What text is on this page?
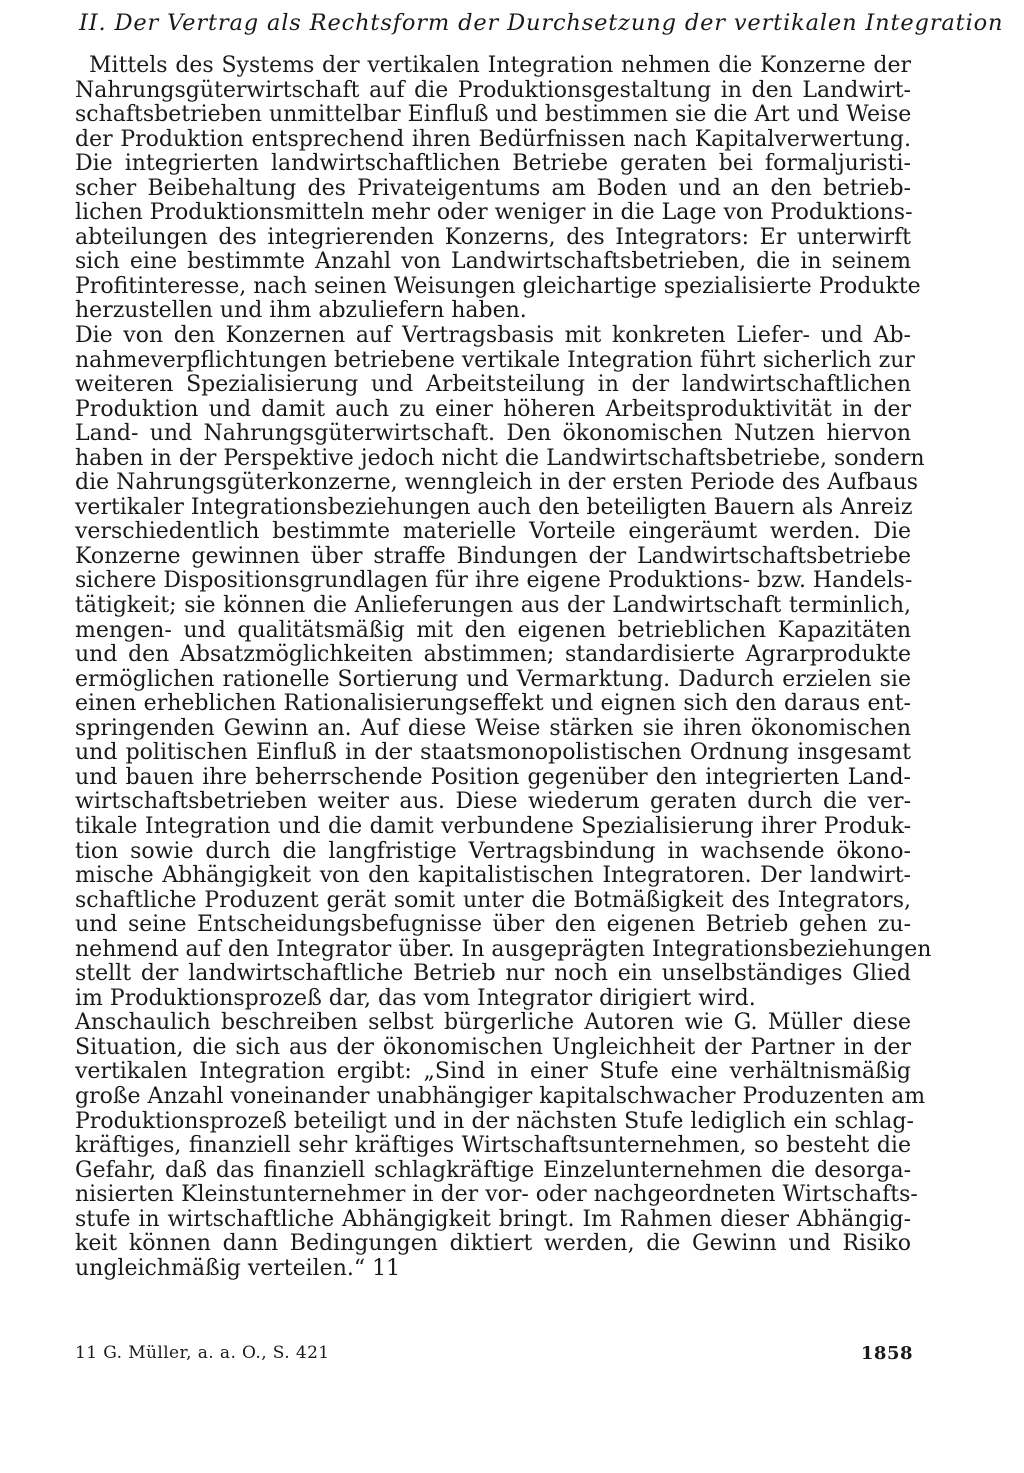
II. Der Vertrag als Rechtsform der Durchsetzung der vertikalen Integration
Mittels des Systems der vertikalen Integration nehmen die Konzerne der
Nahrungsgüterwirtschaft auf die Produktionsgestaltung in den Landwirt-
schaftsbetrieben unmittelbar Einfluß und bestimmen sie die Art und Weise
der Produktion entsprechend ihren Bedürfnissen nach Kapitalverwertung.
Die integrierten landwirtschaftlichen Betriebe geraten bei formaljuristi-
scher Beibehaltung des Privateigentums am Boden und an den betrieb-
lichen Produktionsmitteln mehr oder weniger in die Lage von Produktions-
abteilungen des integrierenden Konzerns, des Integrators: Er unterwirft
sich eine bestimmte Anzahl von Landwirtschaftsbetrieben, die in seinem
Profitinteresse, nach seinen Weisungen gleichartige spezialisierte Produkte
herzustellen und ihm abzuliefern haben.
Die von den Konzernen auf Vertragsbasis mit konkreten Liefer- und Ab-
nahmeverpflichtungen betriebene vertikale Integration führt sicherlich zur
weiteren Spezialisierung und Arbeitsteilung in der landwirtschaftlichen
Produktion und damit auch zu einer höheren Arbeitsproduktivität in der
Land- und Nahrungsgüterwirtschaft. Den ökonomischen Nutzen hiervon
haben in der Perspektive jedoch nicht die Landwirtschaftsbetriebe, sondern
die Nahrungsgüterkonzerne, wenngleich in der ersten Periode des Aufbaus
vertikaler Integrationsbeziehungen auch den beteiligten Bauern als Anreiz
verschiedentlich bestimmte materielle Vorteile eingeräumt werden. Die
Konzerne gewinnen über straffe Bindungen der Landwirtschaftsbetriebe
sichere Dispositionsgrundlagen für ihre eigene Produktions- bzw. Handels-
tätigkeit; sie können die Anlieferungen aus der Landwirtschaft terminlich,
mengen- und qualitätsmäßig mit den eigenen betrieblichen Kapazitäten
und den Absatzmöglichkeiten abstimmen; standardisierte Agrarprodukte
ermöglichen rationelle Sortierung und Vermarktung. Dadurch erzielen sie
einen erheblichen Rationalisierungseffekt und eignen sich den daraus ent-
springenden Gewinn an. Auf diese Weise stärken sie ihren ökonomischen
und politischen Einfluß in der staatsmonopolistischen Ordnung insgesamt
und bauen ihre beherrschende Position gegenüber den integrierten Land-
wirtschaftsbetrieben weiter aus. Diese wiederum geraten durch die ver-
tikale Integration und die damit verbundene Spezialisierung ihrer Produk-
tion sowie durch die langfristige Vertragsbindung in wachsende ökono-
mische Abhängigkeit von den kapitalistischen Integratoren. Der landwirt-
schaftliche Produzent gerät somit unter die Botmäßigkeit des Integrators,
und seine Entscheidungsbefugnisse über den eigenen Betrieb gehen zu-
nehmend auf den Integrator über. In ausgeprägten Integrationsbeziehungen
stellt der landwirtschaftliche Betrieb nur noch ein unselbständiges Glied
im Produktionsprozeß dar, das vom Integrator dirigiert wird.
Anschaulich beschreiben selbst bürgerliche Autoren wie G. Müller diese
Situation, die sich aus der ökonomischen Ungleichheit der Partner in der
vertikalen Integration ergibt: „Sind in einer Stufe eine verhältnismäßig
große Anzahl voneinander unabhängiger kapitalschwacher Produzenten am
Produktionsprozeß beteiligt und in der nächsten Stufe lediglich ein schlag-
kräftiges, finanziell sehr kräftiges Wirtschaftsunternehmen, so besteht die
Gefahr, daß das finanziell schlagkräftige Einzelunternehmen die desorga-
nisierten Kleinstunternehmer in der vor- oder nachgeordneten Wirtschafts-
stufe in wirtschaftliche Abhängigkeit bringt. Im Rahmen dieser Abhängig-
keit können dann Bedingungen diktiert werden, die Gewinn und Risiko
ungleichmäßig verteilen.“ 11
11 G. Müller, a. a. O., S. 421	1858
